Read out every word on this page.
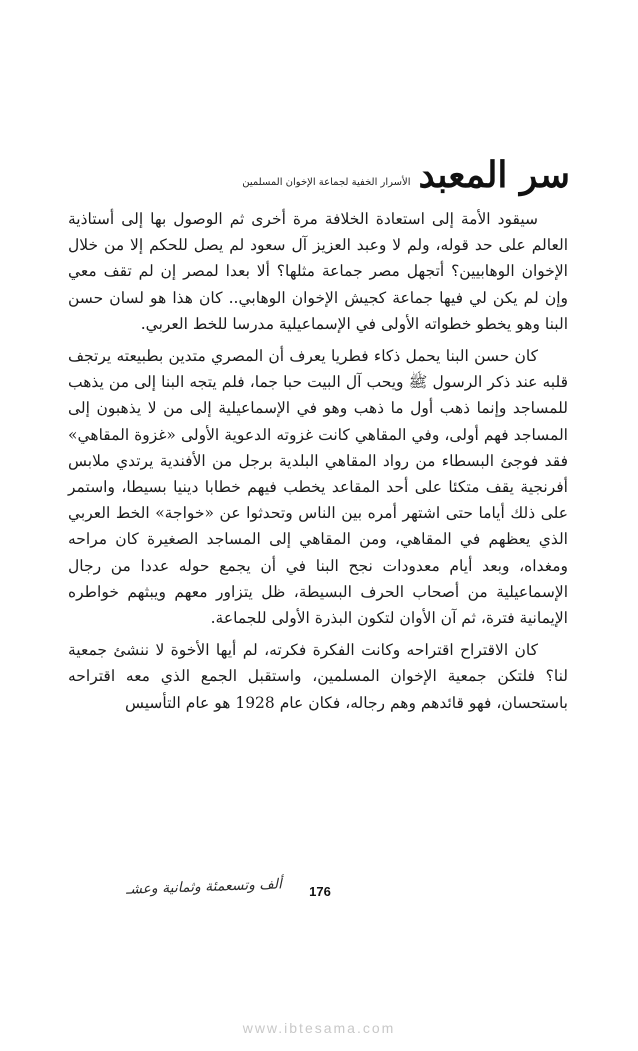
سر المعبد
الأسرار الخفية لجماعة الإخوان المسلمين

سيقود الأمة إلى استعادة الخلافة مرة أخرى ثم الوصول بها إلى أستاذية العالم على حد قوله، ولم لا وعبد العزيز آل سعود لم يصل للحكم إلا من خلال الإخوان الوهابيين؟ أتجهل مصر جماعة مثلها؟ ألا بعدا لمصر إن لم تقف معي وإن لم يكن لي فيها جماعة كجيش الإخوان الوهابي.. كان هذا هو لسان حسن البنا وهو يخطو خطواته الأولى في الإسماعيلية مدرسا للخط العربي.

كان حسن البنا يحمل ذكاء فطريا يعرف أن المصري متدين بطبيعته يرتجف قلبه عند ذكر الرسول ﷺ ويحب آل البيت حبا جما، فلم يتجه البنا إلى من يذهب للمساجد وإنما ذهب أول ما ذهب وهو في الإسماعيلية إلى من لا يذهبون إلى المساجد فهم أولى، وفي المقاهي كانت غزوته الدعوية الأولى «غزوة المقاهي» فقد فوجئ البسطاء من رواد المقاهي البلدية برجل من الأفندية يرتدي ملابس أفرنجية يقف متكئا على أحد المقاعد يخطب فيهم خطابا دينيا بسيطا، واستمر على ذلك أياما حتى اشتهر أمره بين الناس وتحدثوا عن «خواجة» الخط العربي الذي يعظهم في المقاهي، ومن المقاهي إلى المساجد الصغيرة كان مراحه ومغداه، وبعد أيام معدودات نجح البنا في أن يجمع حوله عددا من رجال الإسماعيلية من أصحاب الحرف البسيطة، ظل يتزاور معهم ويبثهم خواطره الإيمانية فترة، ثم آن الأوان لتكون البذرة الأولى للجماعة.

كان الاقتراح اقتراحه وكانت الفكرة فكرته، لم أيها الأخوة لا ننشئ جمعية لنا؟ فلتكن جمعية الإخوان المسلمين، واستقبل الجمع الذي معه اقتراحه باستحسان، فهو قائدهم وهم رجاله، فكان عام 1928 هو عام التأسيس

ألف وتسعمئة وثمانية وعشـ	176
www.ibtesama.com
